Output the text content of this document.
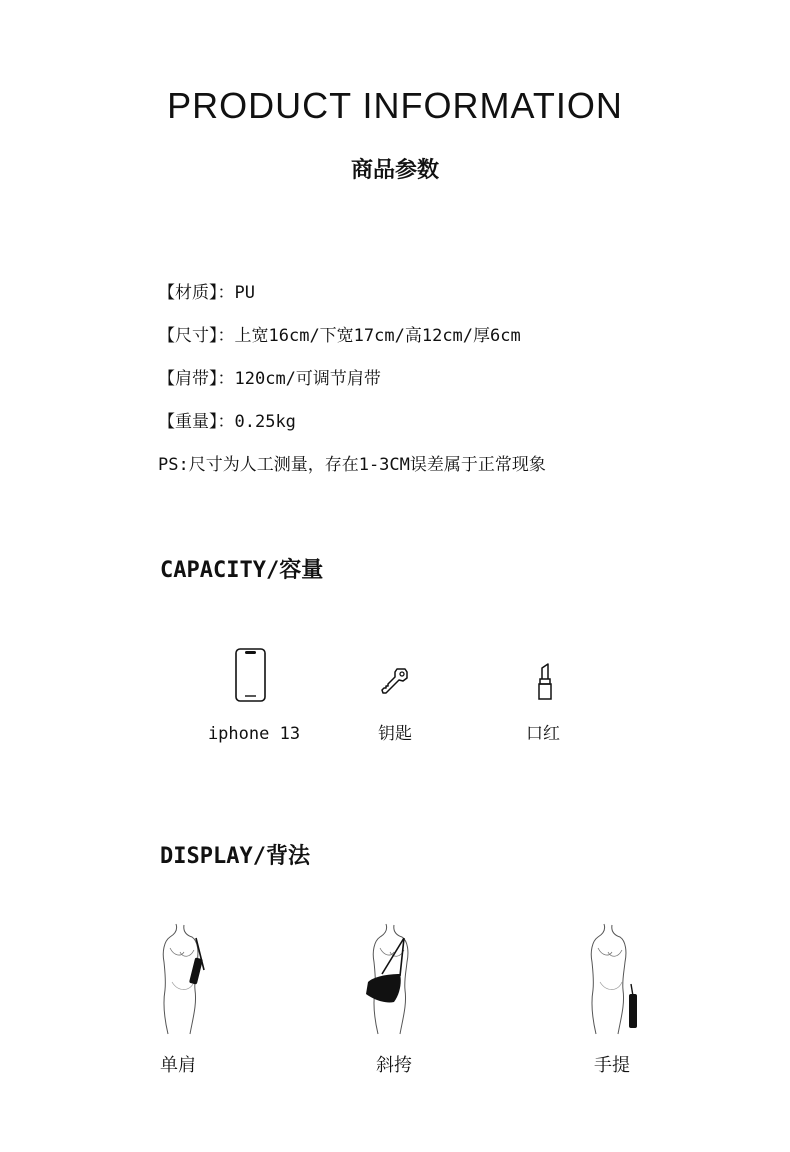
PRODUCT INFORMATION
商品参数
【材质】：PU
【尺寸】：上宽16cm/下宽17cm/高12cm/厚6cm
【肩带】：120cm/可调节肩带
【重量】：0.25kg
PS:尺寸为人工测量，存在1-3CM误差属于正常现象
CAPACITY/容量
iphone 13	钥匙	口红
DISPLAY/背法
单肩	斜挎	手提
